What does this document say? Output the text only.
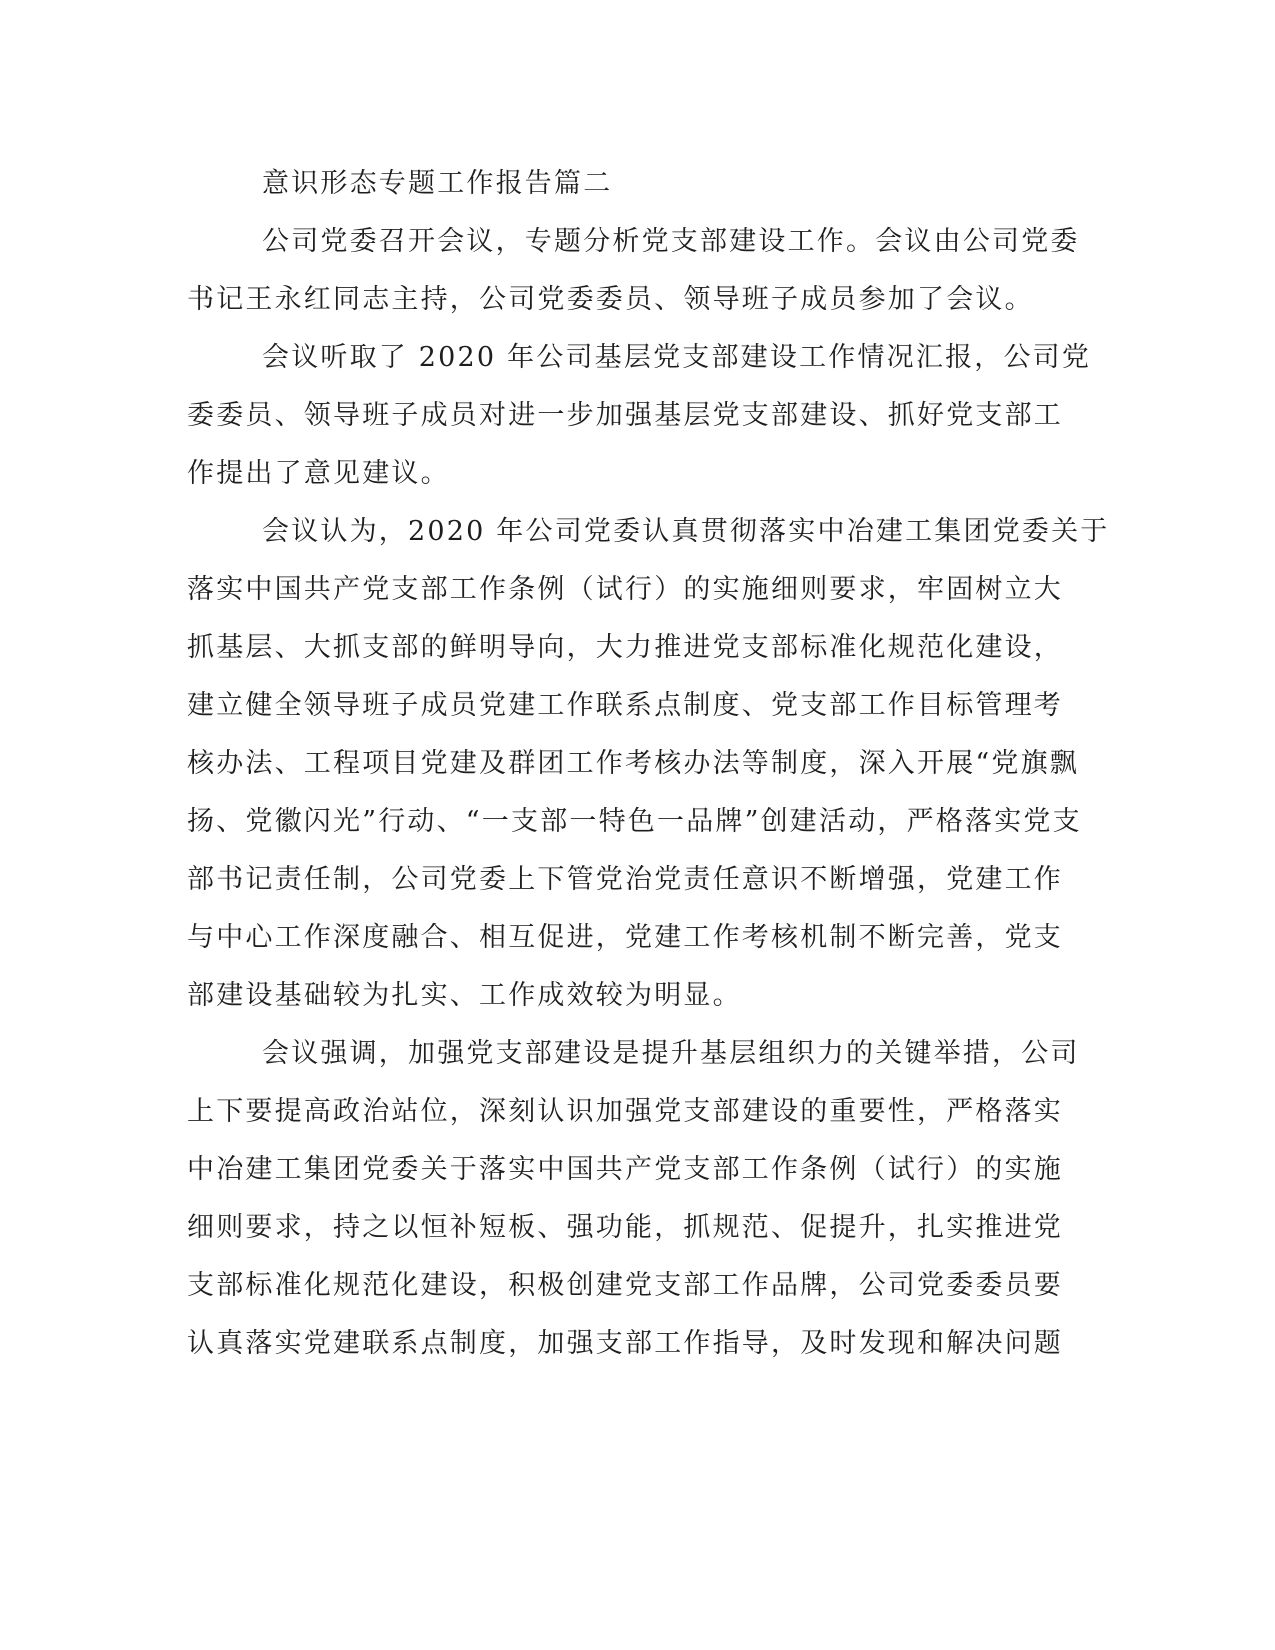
意识形态专题工作报告篇二
公司党委召开会议，专题分析党支部建设工作。会议由公司党委
书记王永红同志主持，公司党委委员、领导班子成员参加了会议。
会议听取了 2020 年公司基层党支部建设工作情况汇报，公司党
委委员、领导班子成员对进一步加强基层党支部建设、抓好党支部工
作提出了意见建议。
会议认为，2020 年公司党委认真贯彻落实中冶建工集团党委关于
落实中国共产党支部工作条例（试行）的实施细则要求，牢固树立大
抓基层、大抓支部的鲜明导向，大力推进党支部标准化规范化建设，
建立健全领导班子成员党建工作联系点制度、党支部工作目标管理考
核办法、工程项目党建及群团工作考核办法等制度，深入开展“党旗飘
扬、党徽闪光”行动、“一支部一特色一品牌”创建活动，严格落实党支
部书记责任制，公司党委上下管党治党责任意识不断增强，党建工作
与中心工作深度融合、相互促进，党建工作考核机制不断完善，党支
部建设基础较为扎实、工作成效较为明显。
会议强调，加强党支部建设是提升基层组织力的关键举措，公司
上下要提高政治站位，深刻认识加强党支部建设的重要性，严格落实
中冶建工集团党委关于落实中国共产党支部工作条例（试行）的实施
细则要求，持之以恒补短板、强功能，抓规范、促提升，扎实推进党
支部标准化规范化建设，积极创建党支部工作品牌，公司党委委员要
认真落实党建联系点制度，加强支部工作指导，及时发现和解决问题
